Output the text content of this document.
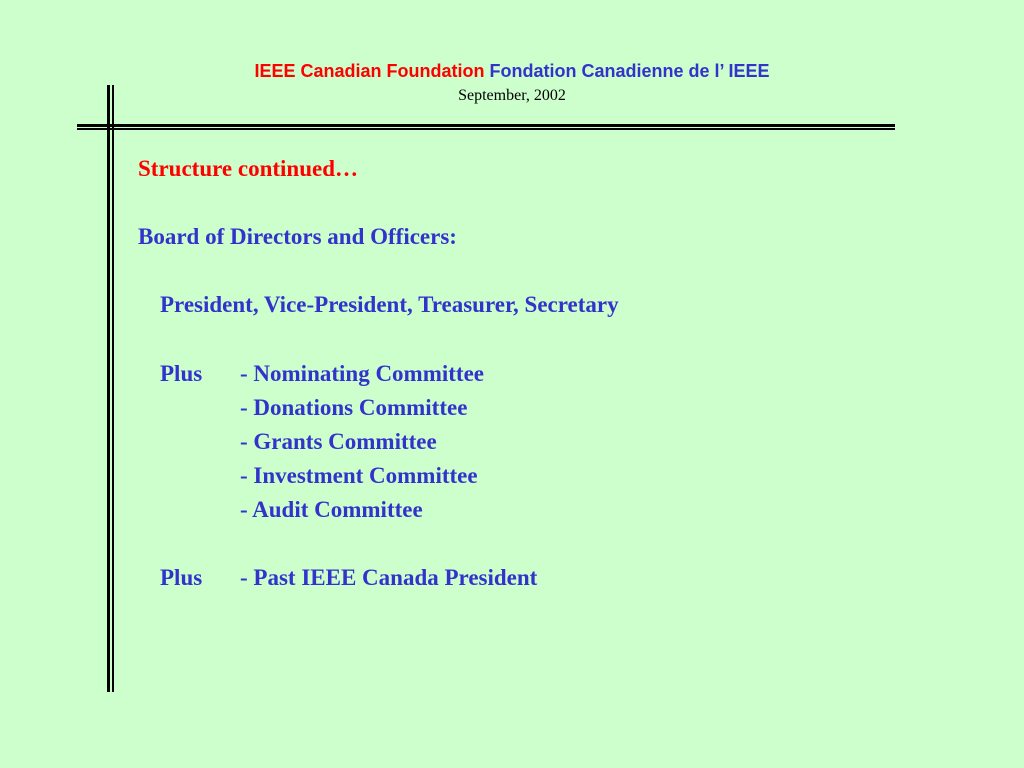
IEEE Canadian Foundation Fondation Canadienne de l’ IEEE
September, 2002
Structure continued…
Board of Directors and Officers:
President, Vice-President, Treasurer, Secretary
Plus - Nominating Committee
- Donations Committee
- Grants Committee
- Investment Committee
- Audit Committee
Plus - Past IEEE Canada President
